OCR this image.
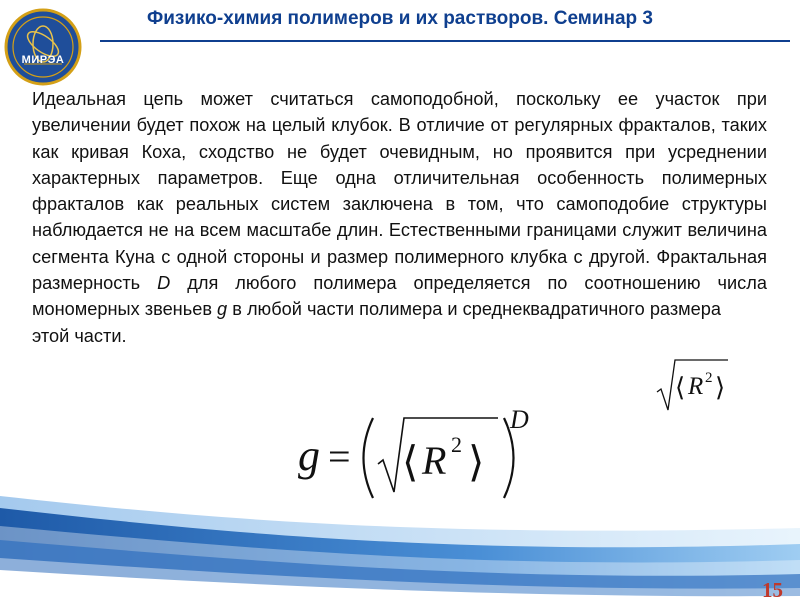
МИРЭА
Физико-химия полимеров и их растворов. Семинар 3

Идеальная цепь может считаться самоподобной, поскольку ее участок при увеличении будет похож на целый клубок. В отличие от регулярных фракталов, таких как кривая Коха, сходство не будет очевидным, но проявится при усреднении характерных параметров. Еще одна отличительная особенность полимерных фракталов как реальных систем заключена в том, что самоподобие структуры наблюдается не на всем масштабе длин. Естественными границами служит величина сегмента Куна с одной стороны и размер полимерного клубка с другой. Фрактальная размерность D для любого полимера определяется по соотношению числа мономерных звеньев g в любой части полимера и среднеквадратичного размера
этой части.

⟨ R 2 ⟩
g = ⟨ R 2 ⟩
D
15
